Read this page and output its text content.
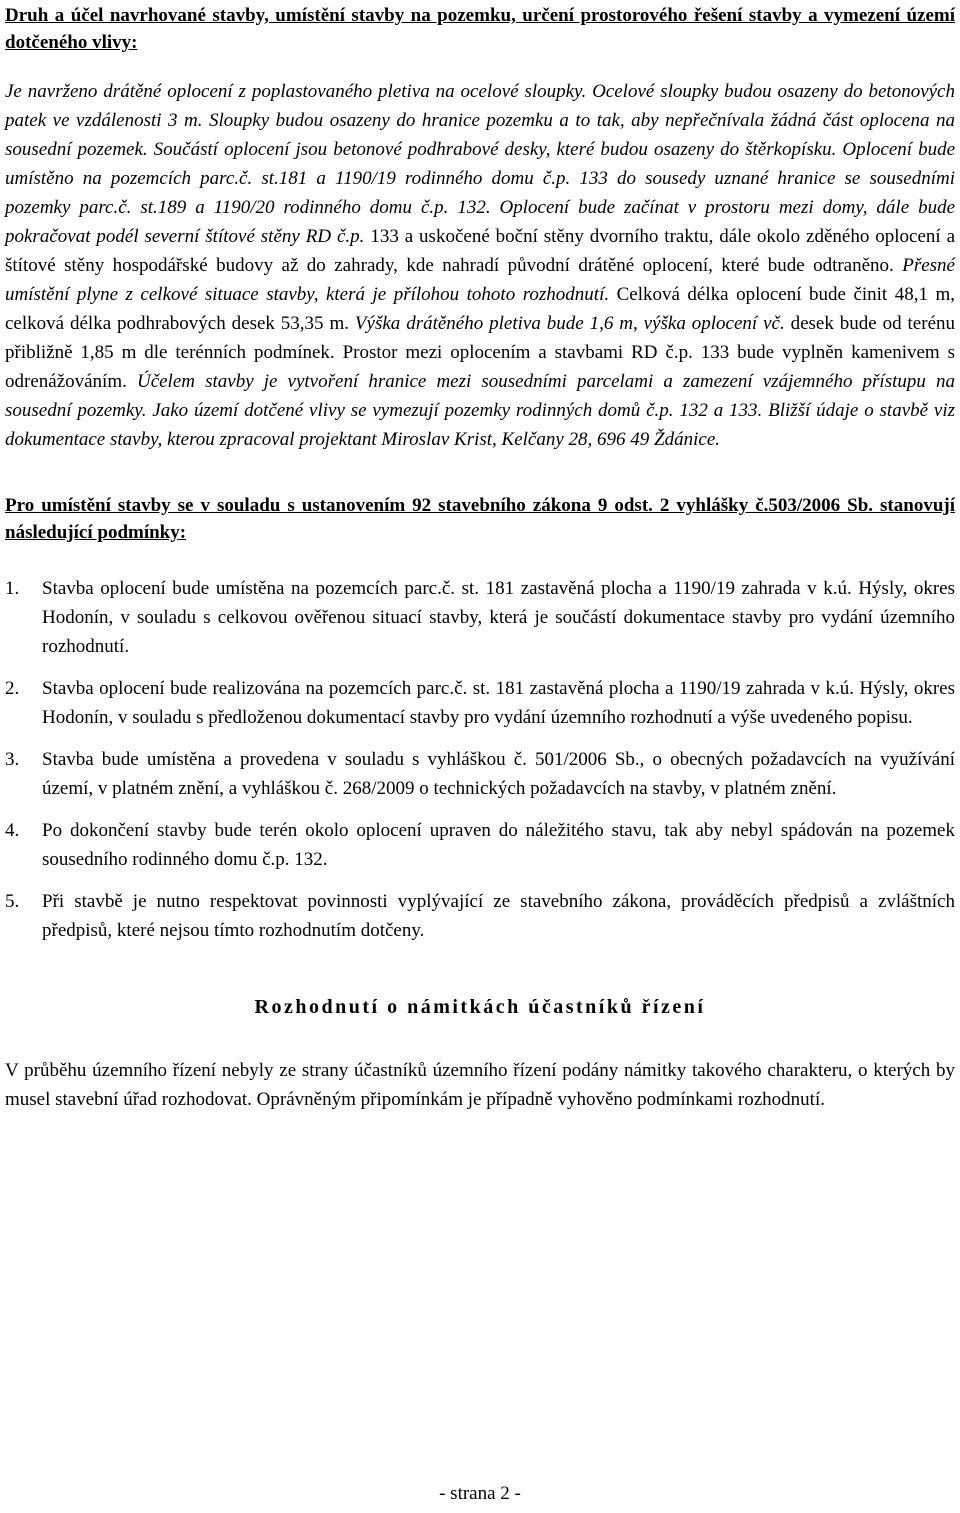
Druh a účel navrhované stavby, umístění stavby na pozemku, určení prostorového řešení stavby a vymezení území dotčeného vlivy:

Je navrženo drátěné oplocení z poplastovaného pletiva na ocelové sloupky. Ocelové sloupky budou osazeny do betonových patek ve vzdálenosti 3 m. Sloupky budou osazeny do hranice pozemku a to tak, aby nepřečnívala žádná část oplocena na sousední pozemek. Součástí oplocení jsou betonové podhrabové desky, které budou osazeny do štěrkopísku. Oplocení bude umístěno na pozemcích parc.č. st.181 a 1190/19 rodinného domu č.p. 133 do sousedy uznané hranice se sousedními pozemky parc.č. st.189 a 1190/20 rodinného domu č.p. 132. Oplocení bude začínat v prostoru mezi domy, dále bude pokračovat podél severní štítové stěny RD č.p. 133 a uskočené boční stěny dvorního traktu, dále okolo zděného oplocení a štítové stěny hospodářské budovy až do zahrady, kde nahradí původní drátěné oplocení, které bude odtraněno. Přesné umístění plyne z celkové situace stavby, která je přílohou tohoto rozhodnutí. Celková délka oplocení bude činit 48,1 m, celková délka podhrabových desek 53,35 m. Výška drátěného pletiva bude 1,6 m, výška oplocení vč. desek bude od terénu přibližně 1,85 m dle terénních podmínek. Prostor mezi oplocením a stavbami RD č.p. 133 bude vyplněn kamenivem s odrenážováním. Účelem stavby je vytvoření hranice mezi sousedními parcelami a zamezení vzájemného přístupu na sousední pozemky. Jako území dotčené vlivy se vymezují pozemky rodinných domů č.p. 132 a 133. Bližší údaje o stavbě viz dokumentace stavby, kterou zpracoval projektant Miroslav Krist, Kelčany 28, 696 49 Ždánice.

Pro umístění stavby se v souladu s ustanovením 92 stavebního zákona 9 odst. 2 vyhlášky č.503/2006 Sb. stanovují následující podmínky:

1.	Stavba oplocení bude umístěna na pozemcích parc.č. st. 181 zastavěná plocha a 1190/19 zahrada v k.ú. Hýsly, okres Hodonín, v souladu s celkovou ověřenou situací stavby, která je součástí dokumentace stavby pro vydání územního rozhodnutí.
2.	Stavba oplocení bude realizována na pozemcích parc.č. st. 181 zastavěná plocha a 1190/19 zahrada v k.ú. Hýsly, okres Hodonín, v souladu s předloženou dokumentací stavby pro vydání územního rozhodnutí a výše uvedeného popisu.
3.	Stavba bude umístěna a provedena v souladu s vyhláškou č. 501/2006 Sb., o obecných požadavcích na využívání území, v platném znění, a vyhláškou č. 268/2009 o technických požadavcích na stavby, v platném znění.
4.	Po dokončení stavby bude terén okolo oplocení upraven do náležitého stavu, tak aby nebyl spádován na pozemek sousedního rodinného domu č.p. 132.
5.	Při stavbě je nutno respektovat povinnosti vyplývající ze stavebního zákona, prováděcích předpisů a zvláštních předpisů, které nejsou tímto rozhodnutím dotčeny.

Rozhodnutí o námitkách účastníků řízení

V průběhu územního řízení nebyly ze strany účastníků územního řízení podány námitky takového charakteru, o kterých by musel stavební úřad rozhodovat. Oprávněným připomínkám je případně vyhověno podmínkami rozhodnutí.

- strana 2 -
